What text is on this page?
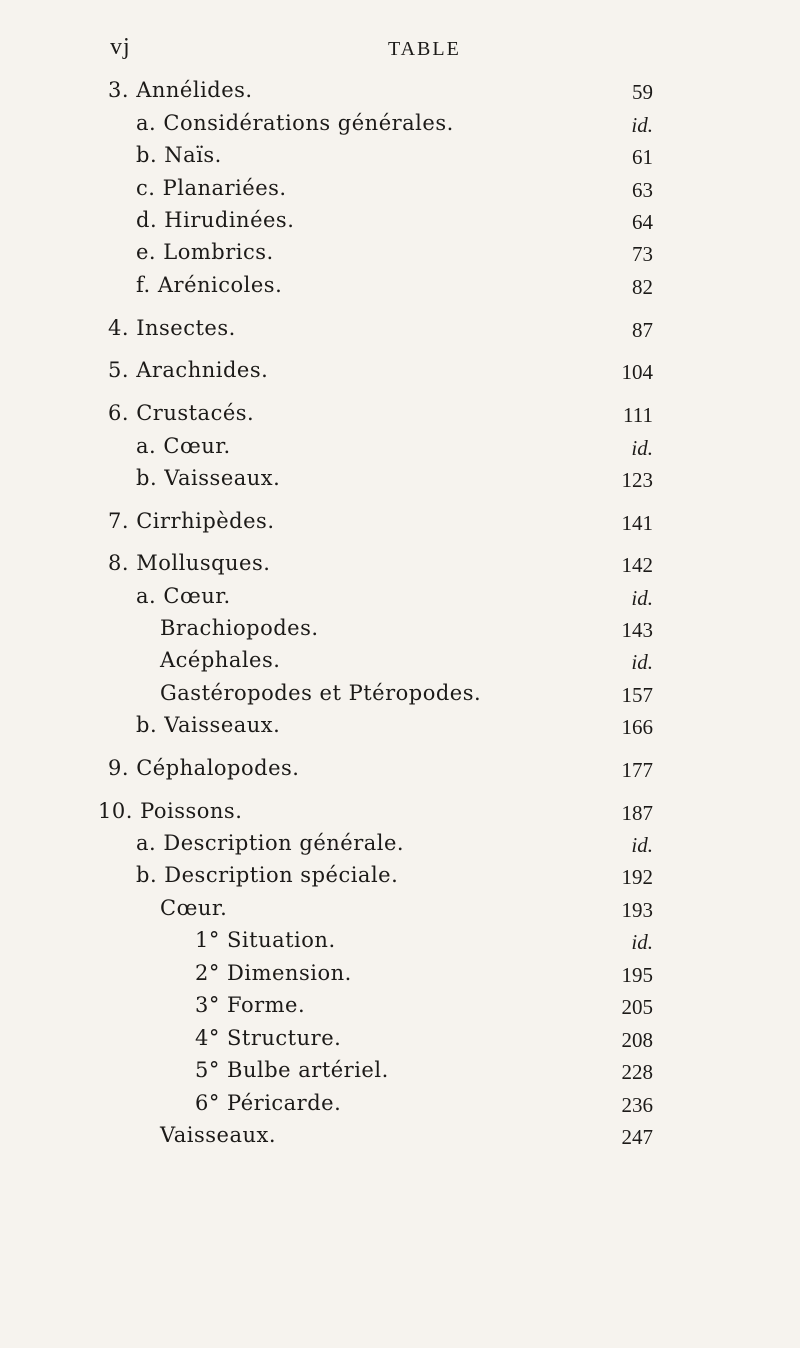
vj	TABLE
3. Annélides.	59
a. Considérations générales.	id.
b. Naïs.	61
c. Planariées.	63
d. Hirudinées.	64
e. Lombrics.	73
f. Arénicoles.	82
4. Insectes.	87
5. Arachnides.	104
6. Crustacés.	111
a. Cœur.	id.
b. Vaisseaux.	123
7. Cirrhipèdes.	141
8. Mollusques.	142
a. Cœur.	id.
Brachiopodes.	143
Acéphales.	id.
Gastéropodes et Ptéropodes.	157
b. Vaisseaux.	166
9. Céphalopodes.	177
10. Poissons.	187
a. Description générale.	id.
b. Description spéciale.	192
Cœur.	193
1° Situation.	id.
2° Dimension.	195
3° Forme.	205
4° Structure.	208
5° Bulbe artériel.	228
6° Péricarde.	236
Vaisseaux.	247
